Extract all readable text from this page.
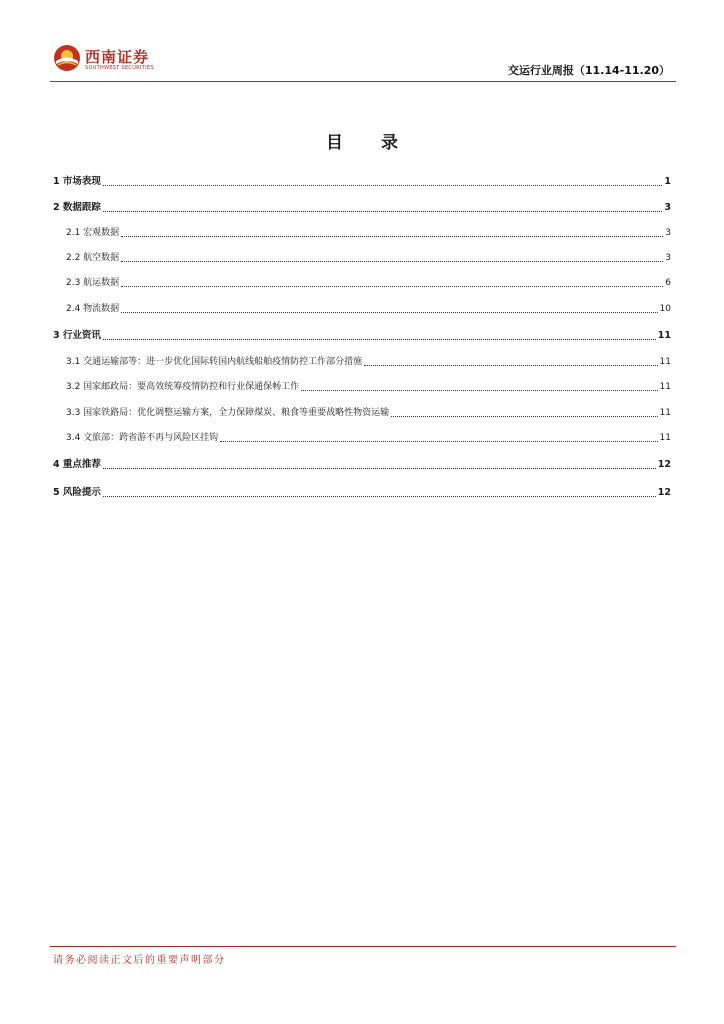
西南证券
SOUTHWEST SECURITIES	交运行业周报（11.14-11.20）
目 录
1 市场表现	1
2 数据跟踪	3
2.1 宏观数据	3
2.2 航空数据	3
2.3 航运数据	6
2.4 物流数据	10
3 行业资讯	11
3.1 交通运输部等：进一步优化国际转国内航线船舶疫情防控工作部分措施	11
3.2 国家邮政局：要高效统筹疫情防控和行业保通保畅工作	11
3.3 国家铁路局：优化调整运输方案，全力保障煤炭、粮食等重要战略性物资运输	11
3.4 文旅部：跨省游不再与风险区挂钩	11
4 重点推荐	12
5 风险提示	12
请务必阅读正文后的重要声明部分
